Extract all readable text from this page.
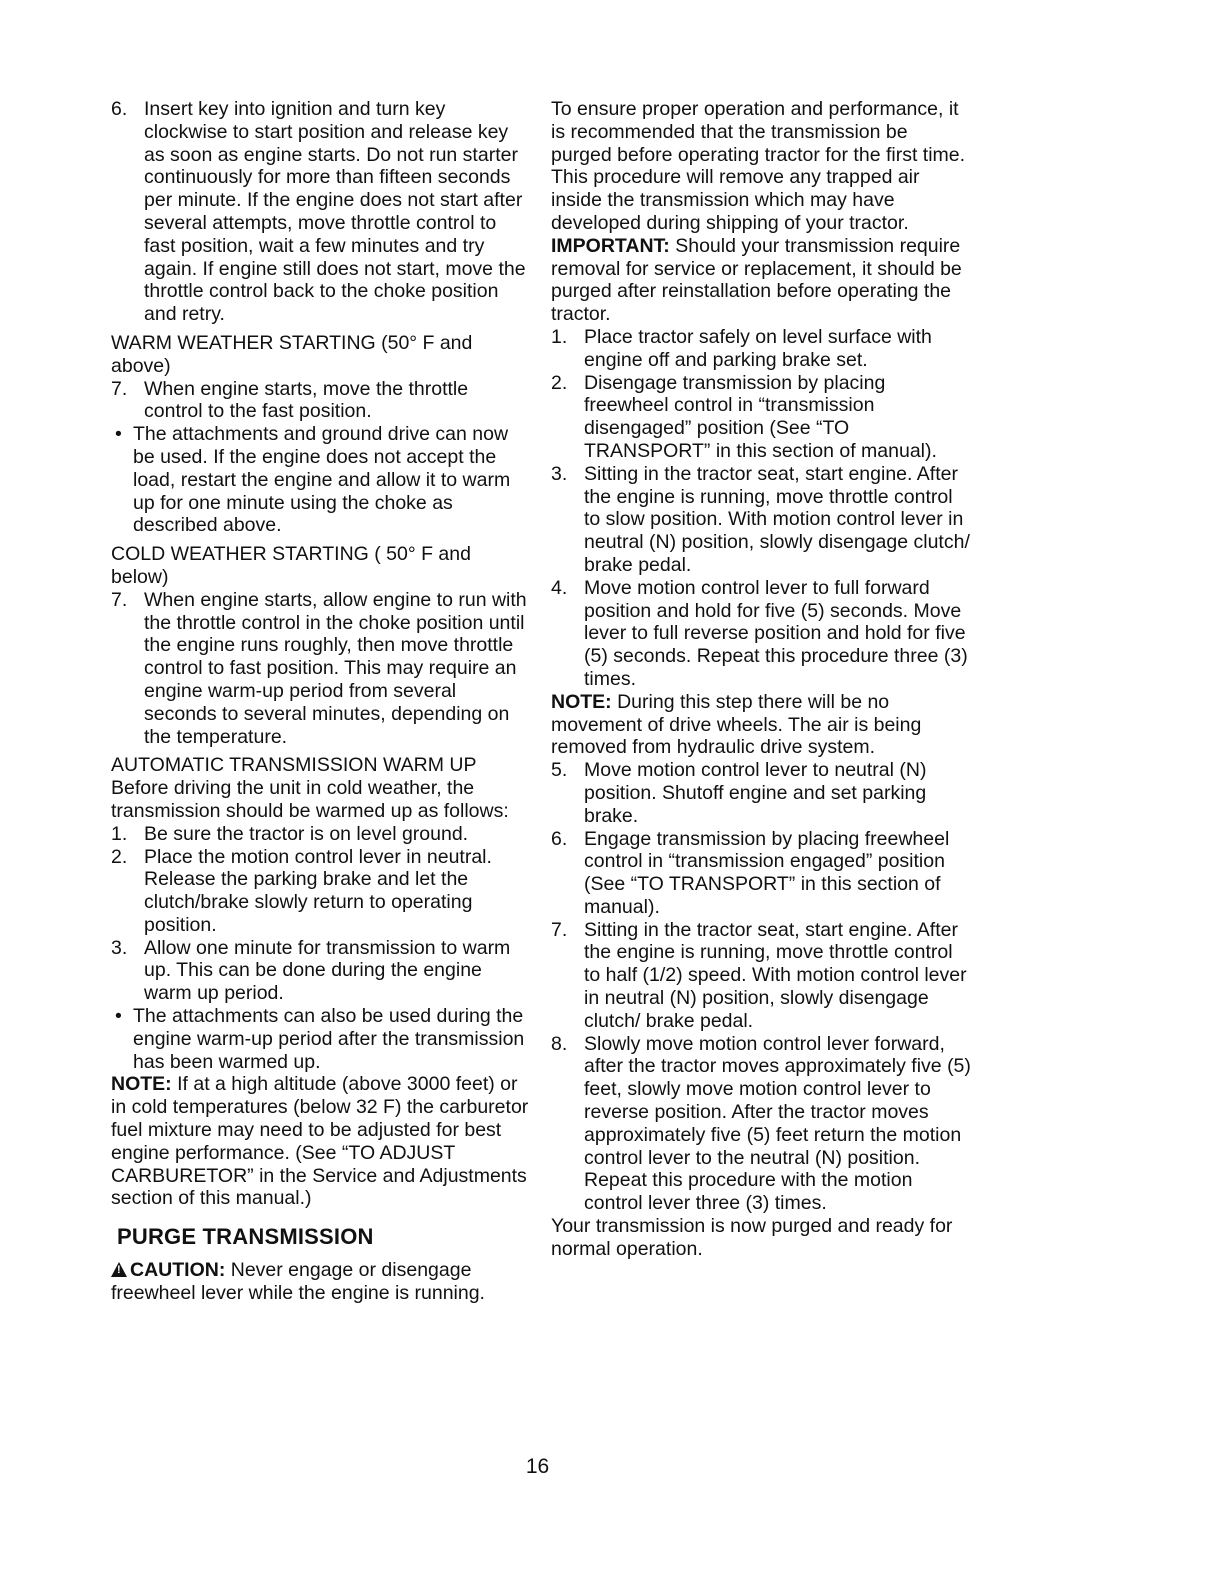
6. Insert key into ignition and turn key clockwise to start position and release key as soon as engine starts. Do not run starter continuously for more than fifteen seconds per minute. If the engine does not start after several attempts, move throttle control to fast position, wait a few minutes and try again. If engine still does not start, move the throttle control back to the choke position and retry.

WARM WEATHER STARTING (50° F and above)

7. When engine starts, move the throttle control to the fast position.
• The attachments and ground drive can now be used. If the engine does not accept the load, restart the engine and allow it to warm up for one minute using the choke as described above.

COLD WEATHER STARTING ( 50° F and below)

7. When engine starts, allow engine to run with the throttle control in the choke position until the engine runs roughly, then move throttle control to fast position. This may require an engine warm-up period from several seconds to several minutes, depending on the temperature.

AUTOMATIC TRANSMISSION WARM UP

Before driving the unit in cold weather, the transmission should be warmed up as follows:

1. Be sure the tractor is on level ground.
2. Place the motion control lever in neutral. Release the parking brake and let the clutch/brake slowly return to operating position.
3. Allow one minute for transmission to warm up. This can be done during the engine warm up period.
• The attachments can also be used during the engine warm-up period after the transmission has been warmed up.

NOTE: If at a high altitude (above 3000 feet) or in cold temperatures (below 32 F) the carburetor fuel mixture may need to be adjusted for best engine performance. (See “TO ADJUST CARBURETOR” in the Service and Adjustments section of this manual.)

PURGE TRANSMISSION

!CAUTION: Never engage or disengage freewheel lever while the engine is running.

To ensure proper operation and performance, it is recommended that the transmission be purged before operating tractor for the first time. This procedure will remove any trapped air inside the transmission which may have developed during shipping of your tractor.

IMPORTANT: Should your transmission require removal for service or replacement, it should be purged after reinstallation before operating the tractor.

1. Place tractor safely on level surface with engine off and parking brake set.
2. Disengage transmission by placing freewheel control in “transmission disengaged” position (See “TO TRANSPORT” in this section of manual).
3. Sitting in the tractor seat, start engine. After the engine is running, move throttle control to slow position. With motion control lever in neutral (N) position, slowly disengage clutch/ brake pedal.
4. Move motion control lever to full forward position and hold for five (5) seconds. Move lever to full reverse position and hold for five (5) seconds. Repeat this procedure three (3) times.

NOTE: During this step there will be no movement of drive wheels. The air is being removed from hydraulic drive system.

5. Move motion control lever to neutral (N) position. Shutoff engine and set parking brake.
6. Engage transmission by placing freewheel control in “transmission engaged” position (See “TO TRANSPORT” in this section of manual).
7. Sitting in the tractor seat, start engine. After the engine is running, move throttle control to half (1/2) speed. With motion control lever in neutral (N) position, slowly disengage clutch/ brake pedal.
8. Slowly move motion control lever forward, after the tractor moves approximately five (5) feet, slowly move motion control lever to reverse position. After the tractor moves approximately five (5) feet return the motion control lever to the neutral (N) position. Repeat this procedure with the motion control lever three (3) times.

Your transmission is now purged and ready for normal operation.

16
